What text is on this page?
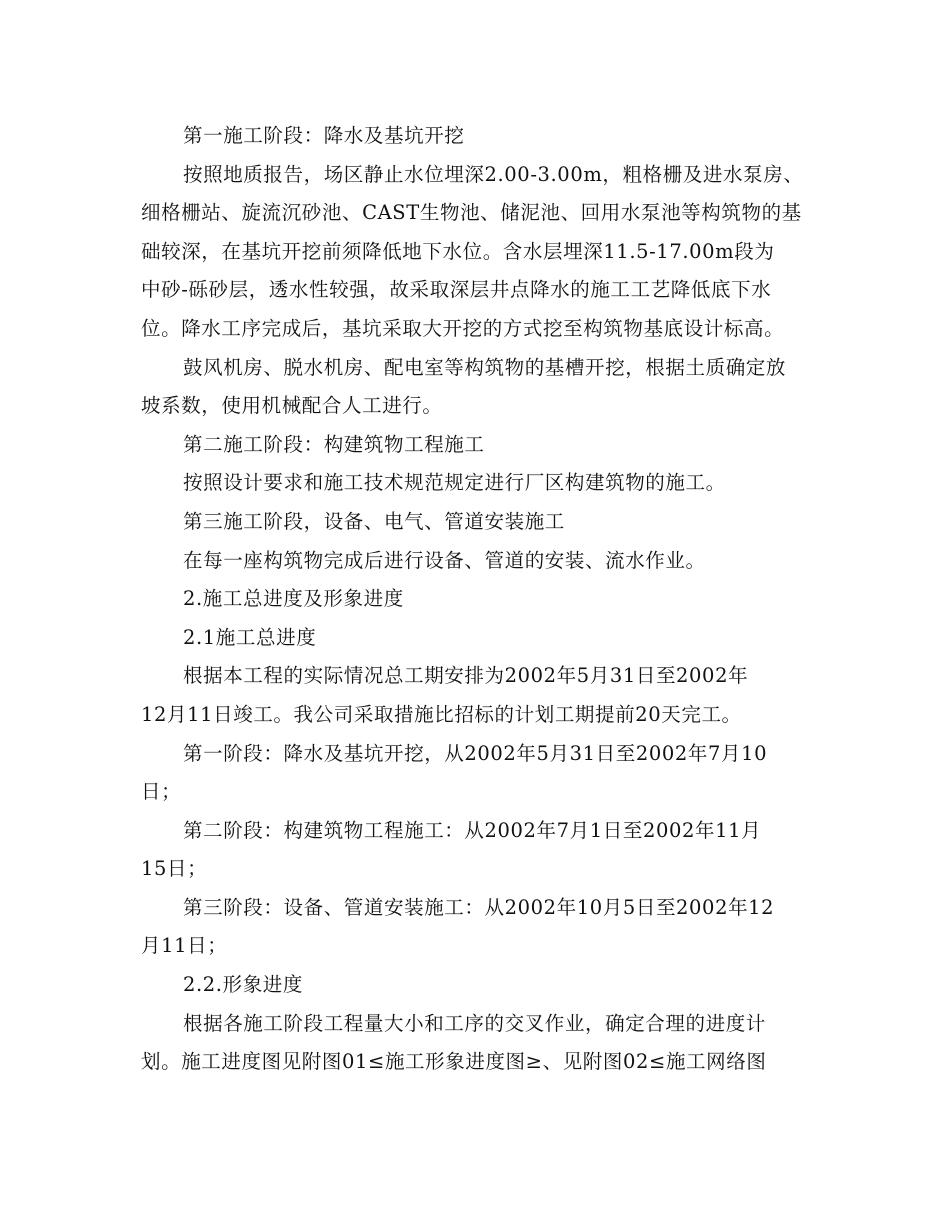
第一施工阶段：降水及基坑开挖
按照地质报告，场区静止水位埋深2.00-3.00m，粗格栅及进水泵房、
细格栅站、旋流沉砂池、CAST生物池、储泥池、回用水泵池等构筑物的基
础较深，在基坑开挖前须降低地下水位。含水层埋深11.5-17.00m段为
中砂-砾砂层，透水性较强，故采取深层井点降水的施工工艺降低底下水
位。降水工序完成后，基坑采取大开挖的方式挖至构筑物基底设计标高。
鼓风机房、脱水机房、配电室等构筑物的基槽开挖，根据土质确定放
坡系数，使用机械配合人工进行。
第二施工阶段：构建筑物工程施工
按照设计要求和施工技术规范规定进行厂区构建筑物的施工。
第三施工阶段，设备、电气、管道安装施工
在每一座构筑物完成后进行设备、管道的安装、流水作业。
2.施工总进度及形象进度
2.1施工总进度
根据本工程的实际情况总工期安排为2002年5月31日至2002年
12月11日竣工。我公司采取措施比招标的计划工期提前20天完工。
第一阶段：降水及基坑开挖，从2002年5月31日至2002年7月10
日；
第二阶段：构建筑物工程施工：从2002年7月1日至2002年11月
15日；
第三阶段：设备、管道安装施工：从2002年10月5日至2002年12
月11日；
2.2.形象进度
根据各施工阶段工程量大小和工序的交叉作业，确定合理的进度计
划。施工进度图见附图01≤施工形象进度图≥、见附图02≤施工网络图
